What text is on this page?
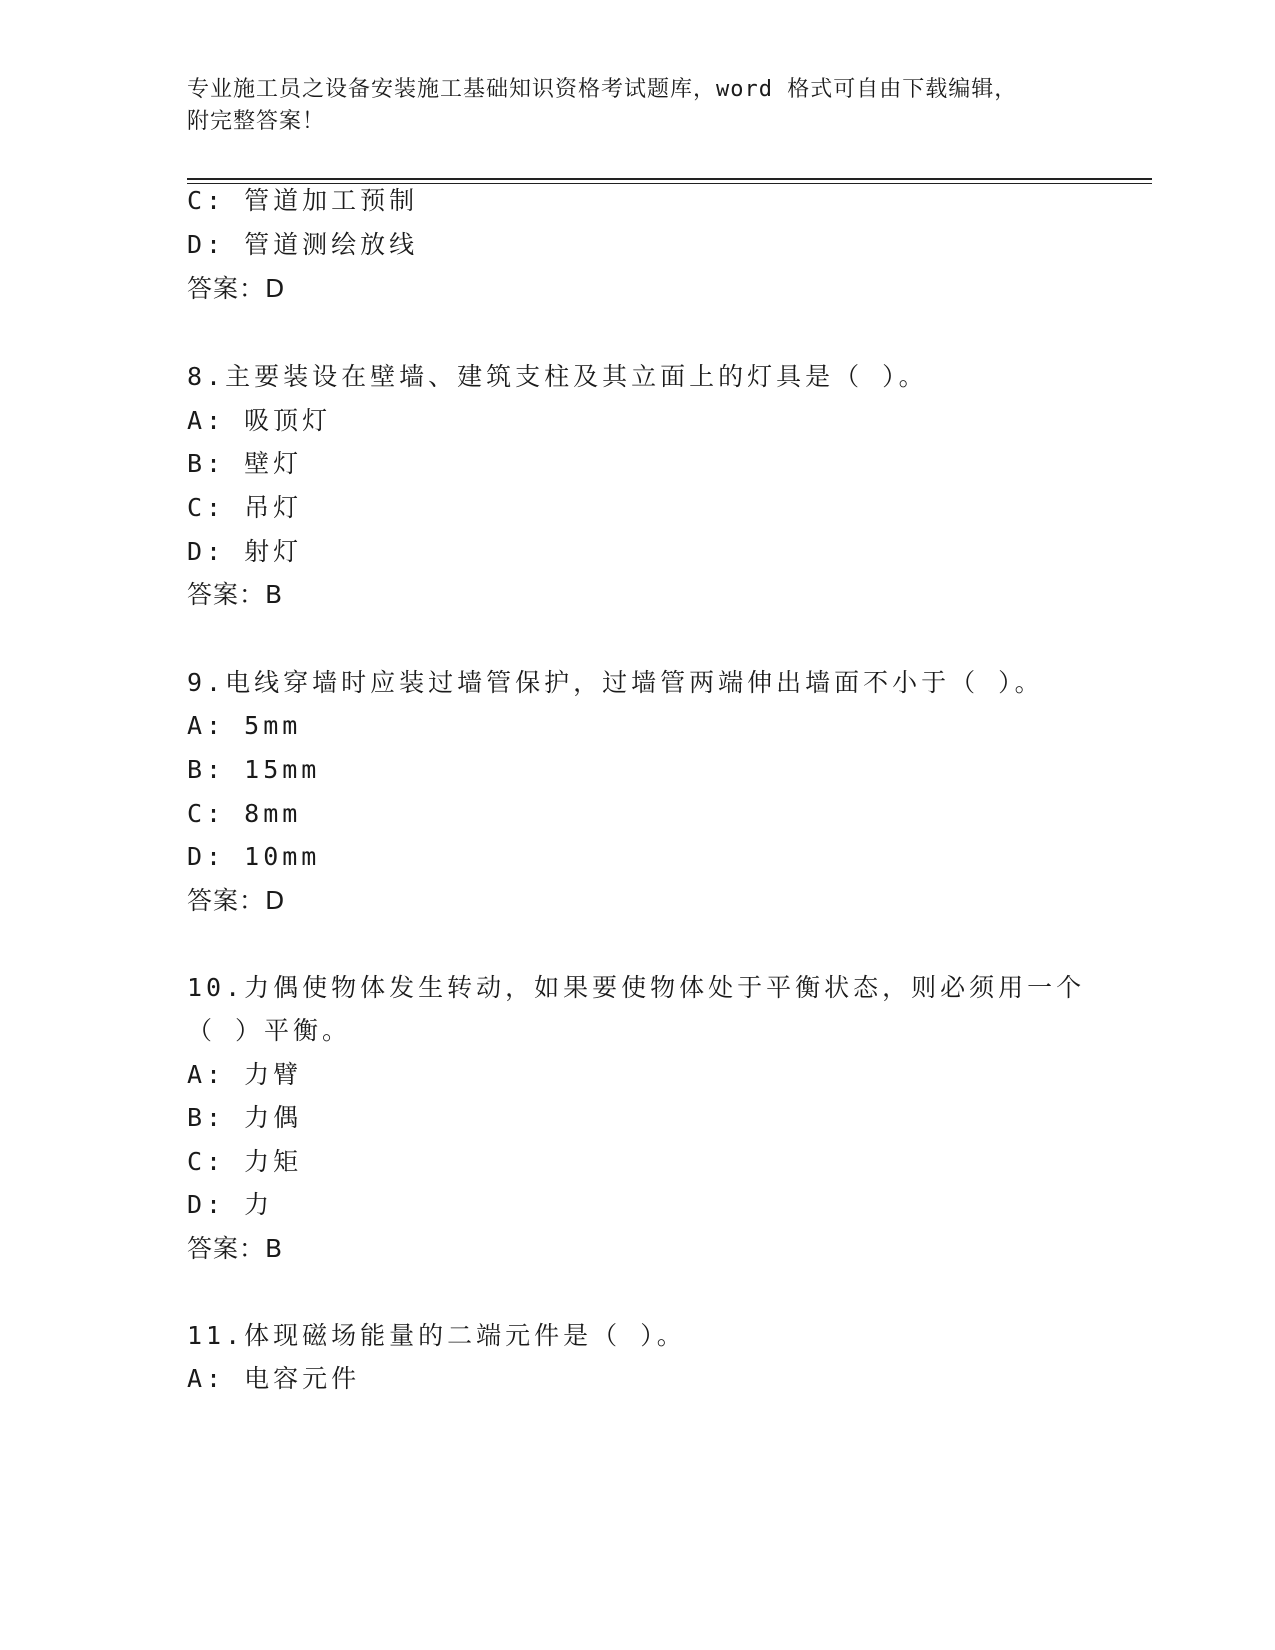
专业施工员之设备安装施工基础知识资格考试题库，word 格式可自由下载编辑，
附完整答案！
C: 管道加工预制
D: 管道测绘放线
答案：D
8.主要装设在壁墙、建筑支柱及其立面上的灯具是（ ）。
A: 吸顶灯
B: 壁灯
C: 吊灯
D: 射灯
答案：B
9.电线穿墙时应装过墙管保护，过墙管两端伸出墙面不小于（ ）。
A: 5mm
B: 15mm
C: 8mm
D: 10mm
答案：D
10.力偶使物体发生转动，如果要使物体处于平衡状态，则必须用一个
（ ）平衡。
A: 力臂
B: 力偶
C: 力矩
D: 力
答案：B
11.体现磁场能量的二端元件是（ ）。
A: 电容元件
